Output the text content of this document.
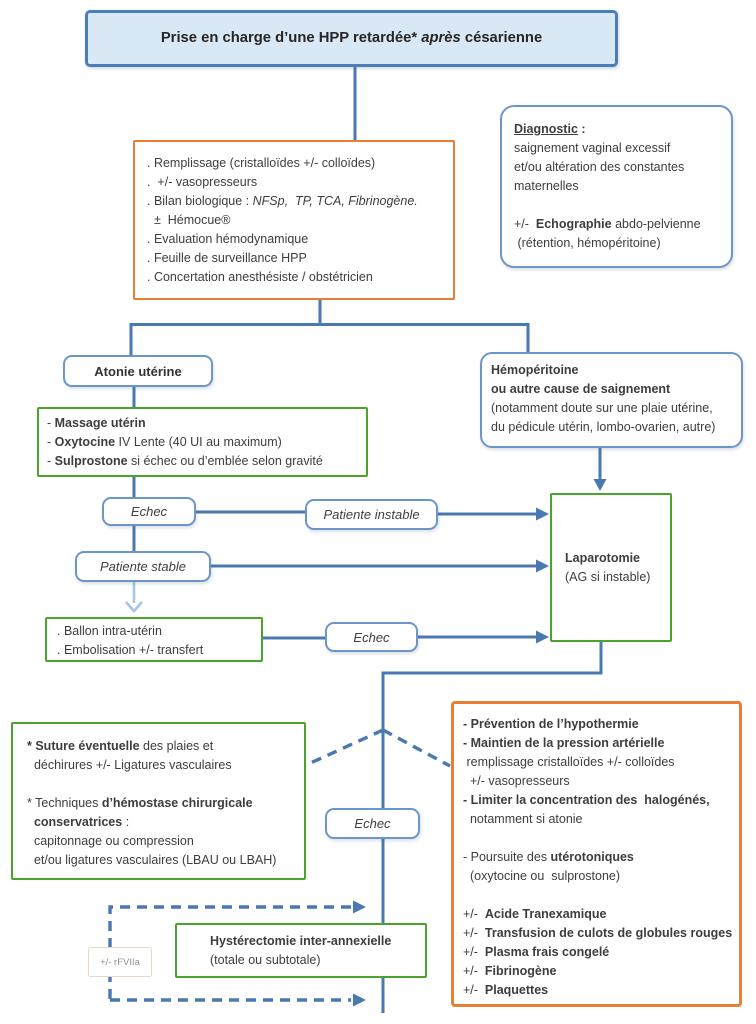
Prise en charge d’une HPP retardée* après césarienne
. Remplissage (cristalloïdes +/- colloïdes)
.  +/- vasopresseurs
. Bilan biologique : NFSp,  TP, TCA, Fibrinogène.
±  Hémocue®
. Evaluation hémodynamique
. Feuille de surveillance HPP
. Concertation anesthésiste / obstétricien
Diagnostic :
saignement vaginal excessif
et/ou altération des constantes
maternelles
+/-  Echographie abdo-pelvienne
(rétention, hémopéritoine)
Atonie utérine
- Massage utérin
- Oxytocine IV Lente (40 UI au maximum)
- Sulprostone si échec ou d’emblée selon gravité
Hémopéritoine
ou autre cause de saignement
(notamment doute sur une plaie utérine,
du pédicule utérin, lombo-ovarien, autre)
Echec	Patiente instable
Patiente stable
. Ballon intra-utérin
. Embolisation +/- transfert
Echec
Laparotomie
(AG si instable)
* Suture éventuelle des plaies et
déchirures +/- Ligatures vasculaires
* Techniques d’hémostase chirurgicale
conservatrices :
capitonnage ou compression
et/ou ligatures vasculaires (LBAU ou LBAH)
- Prévention de l’hypothermie
- Maintien de la pression artérielle
remplissage cristalloïdes +/- colloïdes
+/- vasopresseurs
- Limiter la concentration des  halogénés,
notamment si atonie
- Poursuite des utérotoniques
(oxytocine ou  sulprostone)
+/-  Acide Tranexamique
+/-  Transfusion de culots de globules rouges
+/-  Plasma frais congelé
+/-  Fibrinogène
+/-  Plaquettes
Echec
Hystérectomie inter-annexielle
(totale ou subtotale)
+/- rFVIIa
